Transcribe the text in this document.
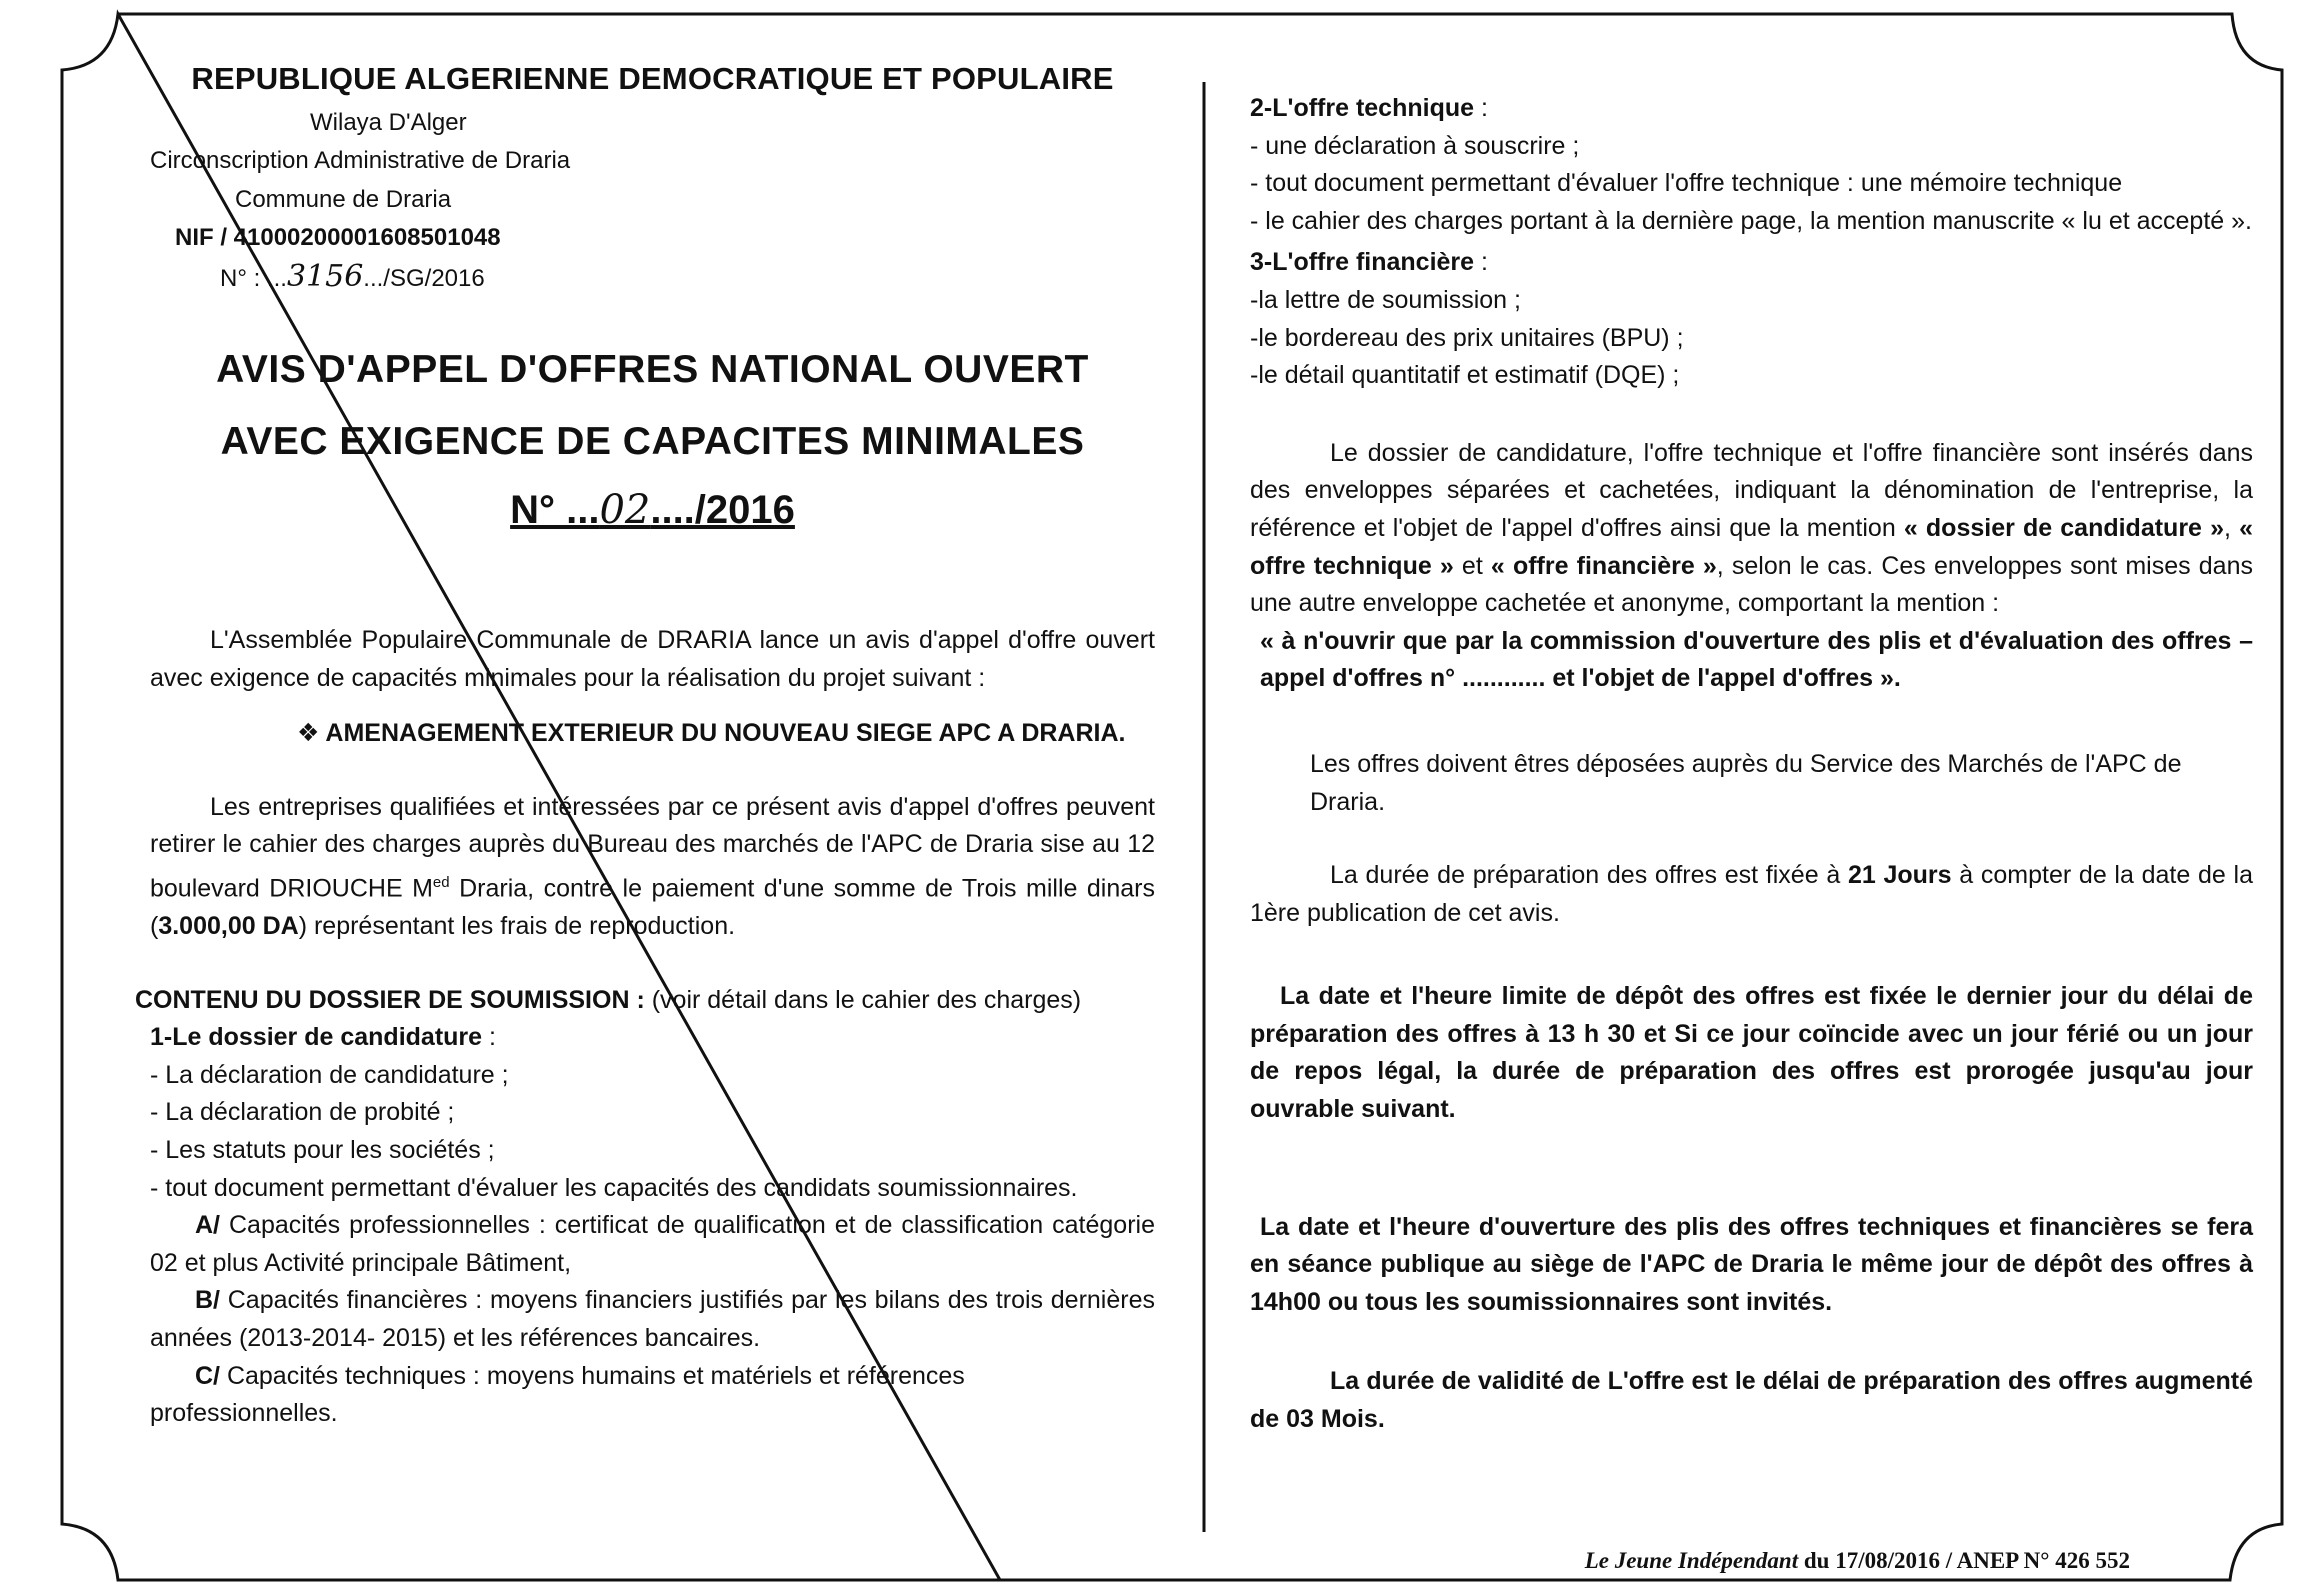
REPUBLIQUE ALGERIENNE DEMOCRATIQUE ET POPULAIRE

Wilaya D'Alger

Circonscription Administrative de Draria

Commune de Draria

NIF / 41000200001608501048

N° : ...3156.../SG/2016

AVIS D'APPEL D'OFFRES NATIONAL OUVERT

AVEC EXIGENCE DE CAPACITES MINIMALES

N° ...02..../2016

L'Assemblée Populaire Communale de DRARIA lance un avis d'appel d'offre ouvert avec exigence de capacités minimales pour la réalisation du projet suivant :

❖ AMENAGEMENT EXTERIEUR DU NOUVEAU SIEGE APC A DRARIA.

Les entreprises qualifiées et intéressées par ce présent avis d'appel d'offres peuvent retirer le cahier des charges auprès du Bureau des marchés de l'APC de Draria sise au 12 boulevard DRIOUCHE $M^{ed}$ Draria, contre le paiement d'une somme de Trois mille dinars (3.000,00 DA) représentant les frais de reproduction.

CONTENU DU DOSSIER DE SOUMISSION : (voir détail dans le cahier des charges)

1-Le dossier de candidature :

- La déclaration de candidature ;

- La déclaration de probité ;

- Les statuts pour les sociétés ;

- tout document permettant d'évaluer les capacités des candidats soumissionnaires.

A/ Capacités professionnelles : certificat de qualification et de classification catégorie 02 et plus Activité principale Bâtiment,

B/ Capacités financières : moyens financiers justifiés par les bilans des trois dernières années (2013-2014- 2015) et les références bancaires.

C/ Capacités techniques : moyens humains et matériels et références professionnelles.

2-L'offre technique :

- une déclaration à souscrire ;

- tout document permettant d'évaluer l'offre technique : une mémoire technique

- le cahier des charges portant à la dernière page, la mention manuscrite « lu et accepté ».

3-L'offre financière :

-la lettre de soumission ;

-le bordereau des prix unitaires (BPU) ;

-le détail quantitatif et estimatif (DQE) ;

Le dossier de candidature, l'offre technique et l'offre financière sont insérés dans des enveloppes séparées et cachetées, indiquant la dénomination de l'entreprise, la référence et l'objet de l'appel d'offres ainsi que la mention « dossier de candidature », « offre technique » et « offre financière », selon le cas. Ces enveloppes sont mises dans une autre enveloppe cachetée et anonyme, comportant la mention :

« à n'ouvrir que par la commission d'ouverture des plis et d'évaluation des offres – appel d'offres n° ............ et l'objet de l'appel d'offres ».

Les offres doivent êtres déposées auprès du Service des Marchés de l'APC de Draria.

La durée de préparation des offres est fixée à 21 Jours à compter de la date de la 1ère publication de cet avis.

La date et l'heure limite de dépôt des offres est fixée le dernier jour du délai de préparation des offres à 13 h 30 et Si ce jour coïncide avec un jour férié ou un jour de repos légal, la durée de préparation des offres est prorogée jusqu'au jour ouvrable suivant.

La date et l'heure d'ouverture des plis des offres techniques et financières se fera en séance publique au siège de l'APC de Draria le même jour de dépôt des offres à 14h00 ou tous les soumissionnaires sont invités.

La durée de validité de L'offre est le délai de préparation des offres augmenté de 03 Mois.

Le Jeune Indépendant du 17/08/2016 / ANEP N° 426 552
